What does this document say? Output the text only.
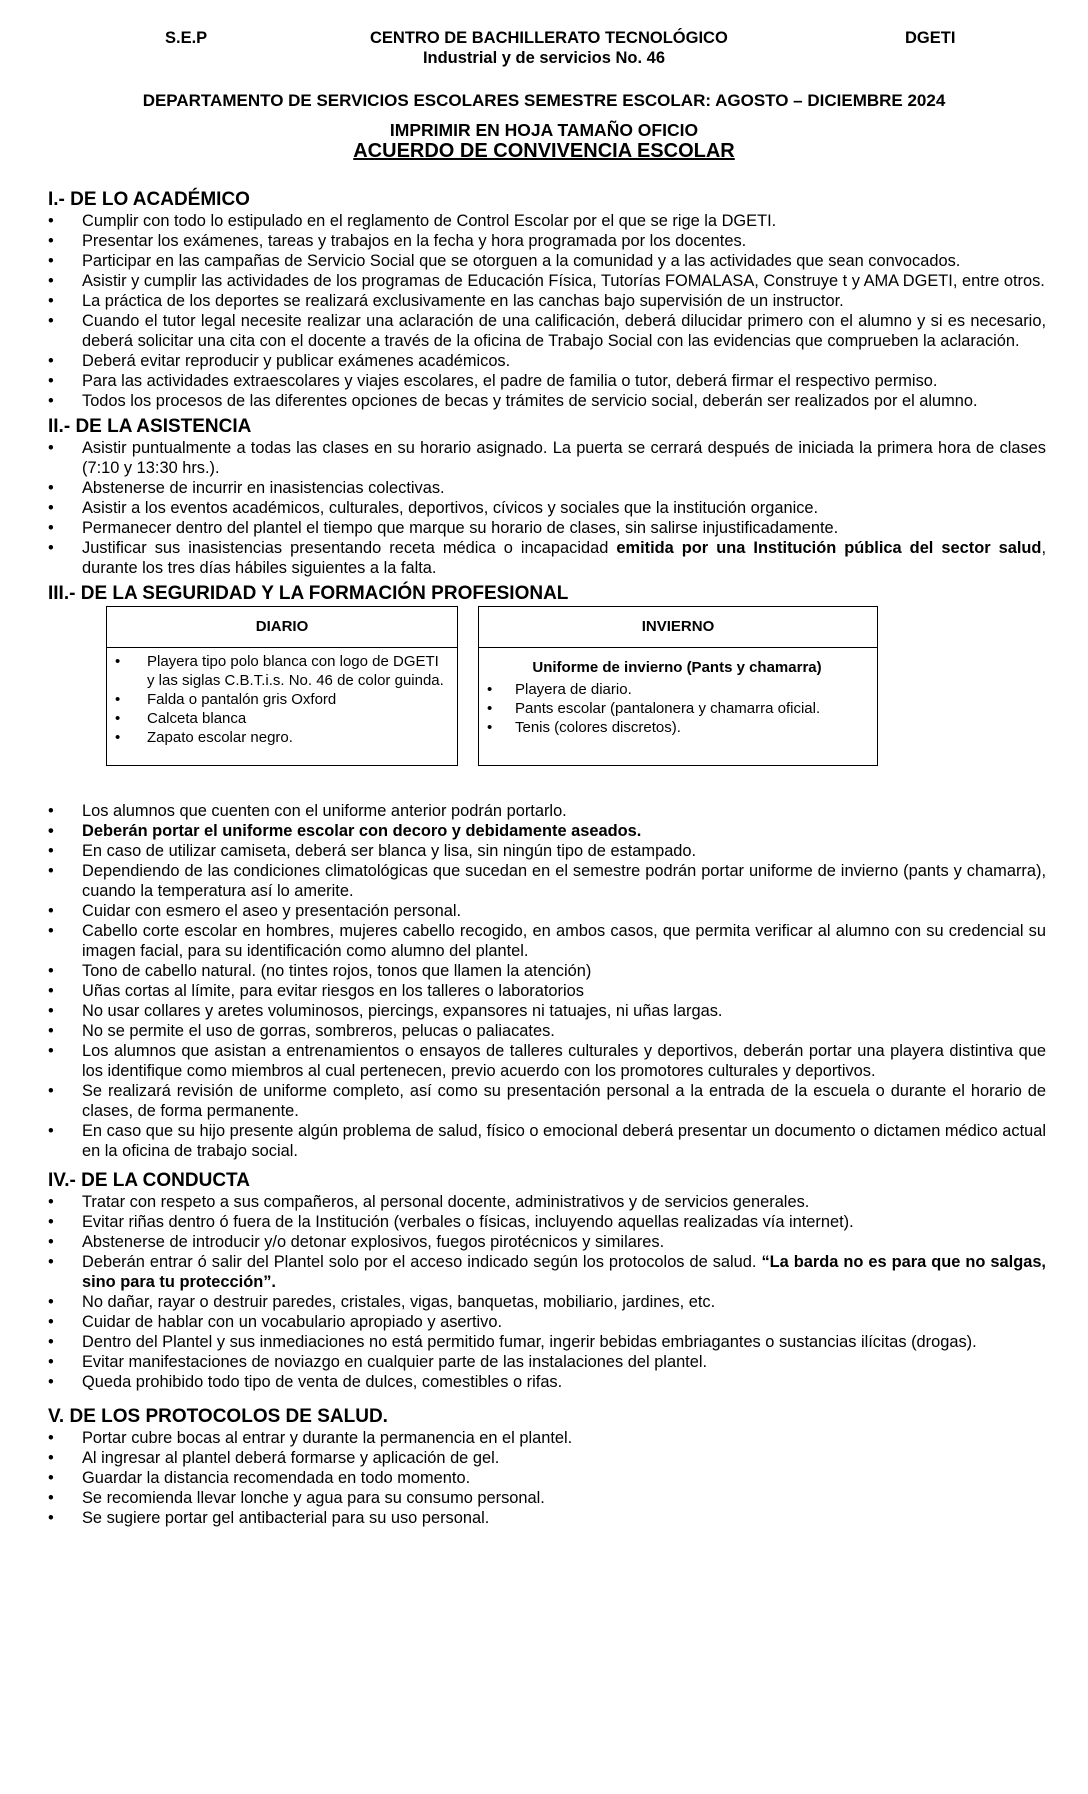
S.E.P	CENTRO DE BACHILLERATO TECNOLÓGICO	DGETI
Industrial y de servicios No. 46
DEPARTAMENTO DE SERVICIOS ESCOLARES SEMESTRE ESCOLAR: AGOSTO – DICIEMBRE 2024
IMPRIMIR EN HOJA TAMAÑO OFICIO
ACUERDO DE CONVIVENCIA ESCOLAR
I.- DE LO ACADÉMICO
• Cumplir con todo lo estipulado en el reglamento de Control Escolar por el que se rige la DGETI.
• Presentar los exámenes, tareas y trabajos en la fecha y hora programada por los docentes.
• Participar en las campañas de Servicio Social que se otorguen a la comunidad y a las actividades que sean convocados.
• Asistir y cumplir las actividades de los programas de Educación Física, Tutorías FOMALASA, Construye t y AMA DGETI, entre otros.
• La práctica de los deportes se realizará exclusivamente en las canchas bajo supervisión de un instructor.
• Cuando el tutor legal necesite realizar una aclaración de una calificación, deberá dilucidar primero con el alumno y si es necesario, deberá solicitar una cita con el docente a través de la oficina de Trabajo Social con las evidencias que comprueben la aclaración.
• Deberá evitar reproducir y publicar exámenes académicos.
• Para las actividades extraescolares y viajes escolares, el padre de familia o tutor, deberá firmar el respectivo permiso.
• Todos los procesos de las diferentes opciones de becas y trámites de servicio social, deberán ser realizados por el alumno.
II.- DE LA ASISTENCIA
• Asistir puntualmente a todas las clases en su horario asignado. La puerta se cerrará después de iniciada la primera hora de clases (7:10 y 13:30 hrs.).
• Abstenerse de incurrir en inasistencias colectivas.
• Asistir a los eventos académicos, culturales, deportivos, cívicos y sociales que la institución organice.
• Permanecer dentro del plantel el tiempo que marque su horario de clases, sin salirse injustificadamente.
• Justificar sus inasistencias presentando receta médica o incapacidad emitida por una Institución pública del sector salud, durante los tres días hábiles siguientes a la falta.
III.- DE LA SEGURIDAD Y LA FORMACIÓN PROFESIONAL
DIARIO
• Playera tipo polo blanca con logo de DGETI y las siglas C.B.T.i.s. No. 46 de color guinda.
• Falda o pantalón gris Oxford
• Calceta blanca
• Zapato escolar negro.
INVIERNO
Uniforme de invierno (Pants y chamarra)
• Playera de diario.
• Pants escolar (pantalonera y chamarra oficial.
• Tenis (colores discretos).
• Los alumnos que cuenten con el uniforme anterior podrán portarlo.
• Deberán portar el uniforme escolar con decoro y debidamente aseados.
• En caso de utilizar camiseta, deberá ser blanca y lisa, sin ningún tipo de estampado.
• Dependiendo de las condiciones climatológicas que sucedan en el semestre podrán portar uniforme de invierno (pants y chamarra), cuando la temperatura así lo amerite.
• Cuidar con esmero el aseo y presentación personal.
• Cabello corte escolar en hombres, mujeres cabello recogido, en ambos casos, que permita verificar al alumno con su credencial su imagen facial, para su identificación como alumno del plantel.
• Tono de cabello natural. (no tintes rojos, tonos que llamen la atención)
• Uñas cortas al límite, para evitar riesgos en los talleres o laboratorios
• No usar collares y aretes voluminosos, piercings, expansores ni tatuajes, ni uñas largas.
• No se permite el uso de gorras, sombreros, pelucas o paliacates.
• Los alumnos que asistan a entrenamientos o ensayos de talleres culturales y deportivos, deberán portar una playera distintiva que los identifique como miembros al cual pertenecen, previo acuerdo con los promotores culturales y deportivos.
• Se realizará revisión de uniforme completo, así como su presentación personal a la entrada de la escuela o durante el horario de clases, de forma permanente.
• En caso que su hijo presente algún problema de salud, físico o emocional deberá presentar un documento o dictamen médico actual en la oficina de trabajo social.
IV.- DE LA CONDUCTA
• Tratar con respeto a sus compañeros, al personal docente, administrativos y de servicios generales.
• Evitar riñas dentro ó fuera de la Institución (verbales o físicas, incluyendo aquellas realizadas vía internet).
• Abstenerse de introducir y/o detonar explosivos, fuegos pirotécnicos y similares.
• Deberán entrar ó salir del Plantel solo por el acceso indicado según los protocolos de salud. “La barda no es para que no salgas, sino para tu protección”.
• No dañar, rayar o destruir paredes, cristales, vigas, banquetas, mobiliario, jardines, etc.
• Cuidar de hablar con un vocabulario apropiado y asertivo.
• Dentro del Plantel y sus inmediaciones no está permitido fumar, ingerir bebidas embriagantes o sustancias ilícitas (drogas).
• Evitar manifestaciones de noviazgo en cualquier parte de las instalaciones del plantel.
• Queda prohibido todo tipo de venta de dulces, comestibles o rifas.
V. DE LOS PROTOCOLOS DE SALUD.
• Portar cubre bocas al entrar y durante la permanencia en el plantel.
• Al ingresar al plantel deberá formarse y aplicación de gel.
• Guardar la distancia recomendada en todo momento.
• Se recomienda llevar lonche y agua para su consumo personal.
• Se sugiere portar gel antibacterial para su uso personal.
